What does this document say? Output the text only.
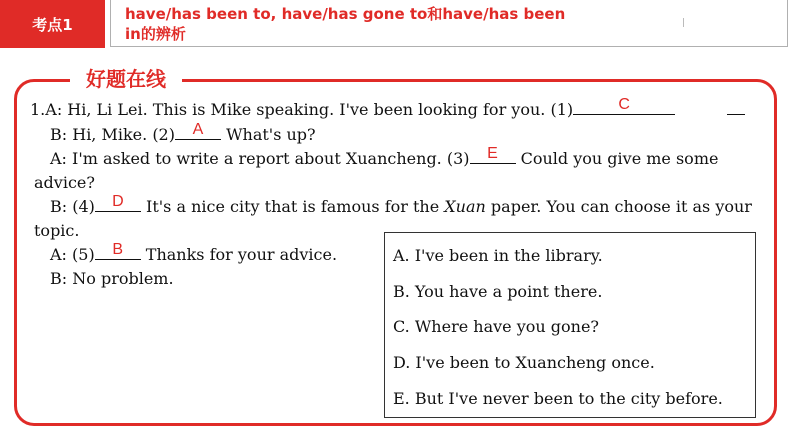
考点1
have/has been to, have/has gone to和have/has been in的辨析
好题在线
1.A: Hi, Li Lei. This is Mike speaking. I've been looking for you. (1)	C
B: Hi, Mike. (2)	A	What's up?
A: I'm asked to write a report about Xuancheng. (3)	E	Could you give me some
advice?
B: (4)	D	It's a nice city that is famous for the Xuan paper. You can choose it as your
topic.
A: (5)	B	Thanks for your advice.
B: No problem.
A. I've been in the library.
B. You have a point there.
C. Where have you gone?
D. I've been to Xuancheng once.
E. But I've never been to the city before.
